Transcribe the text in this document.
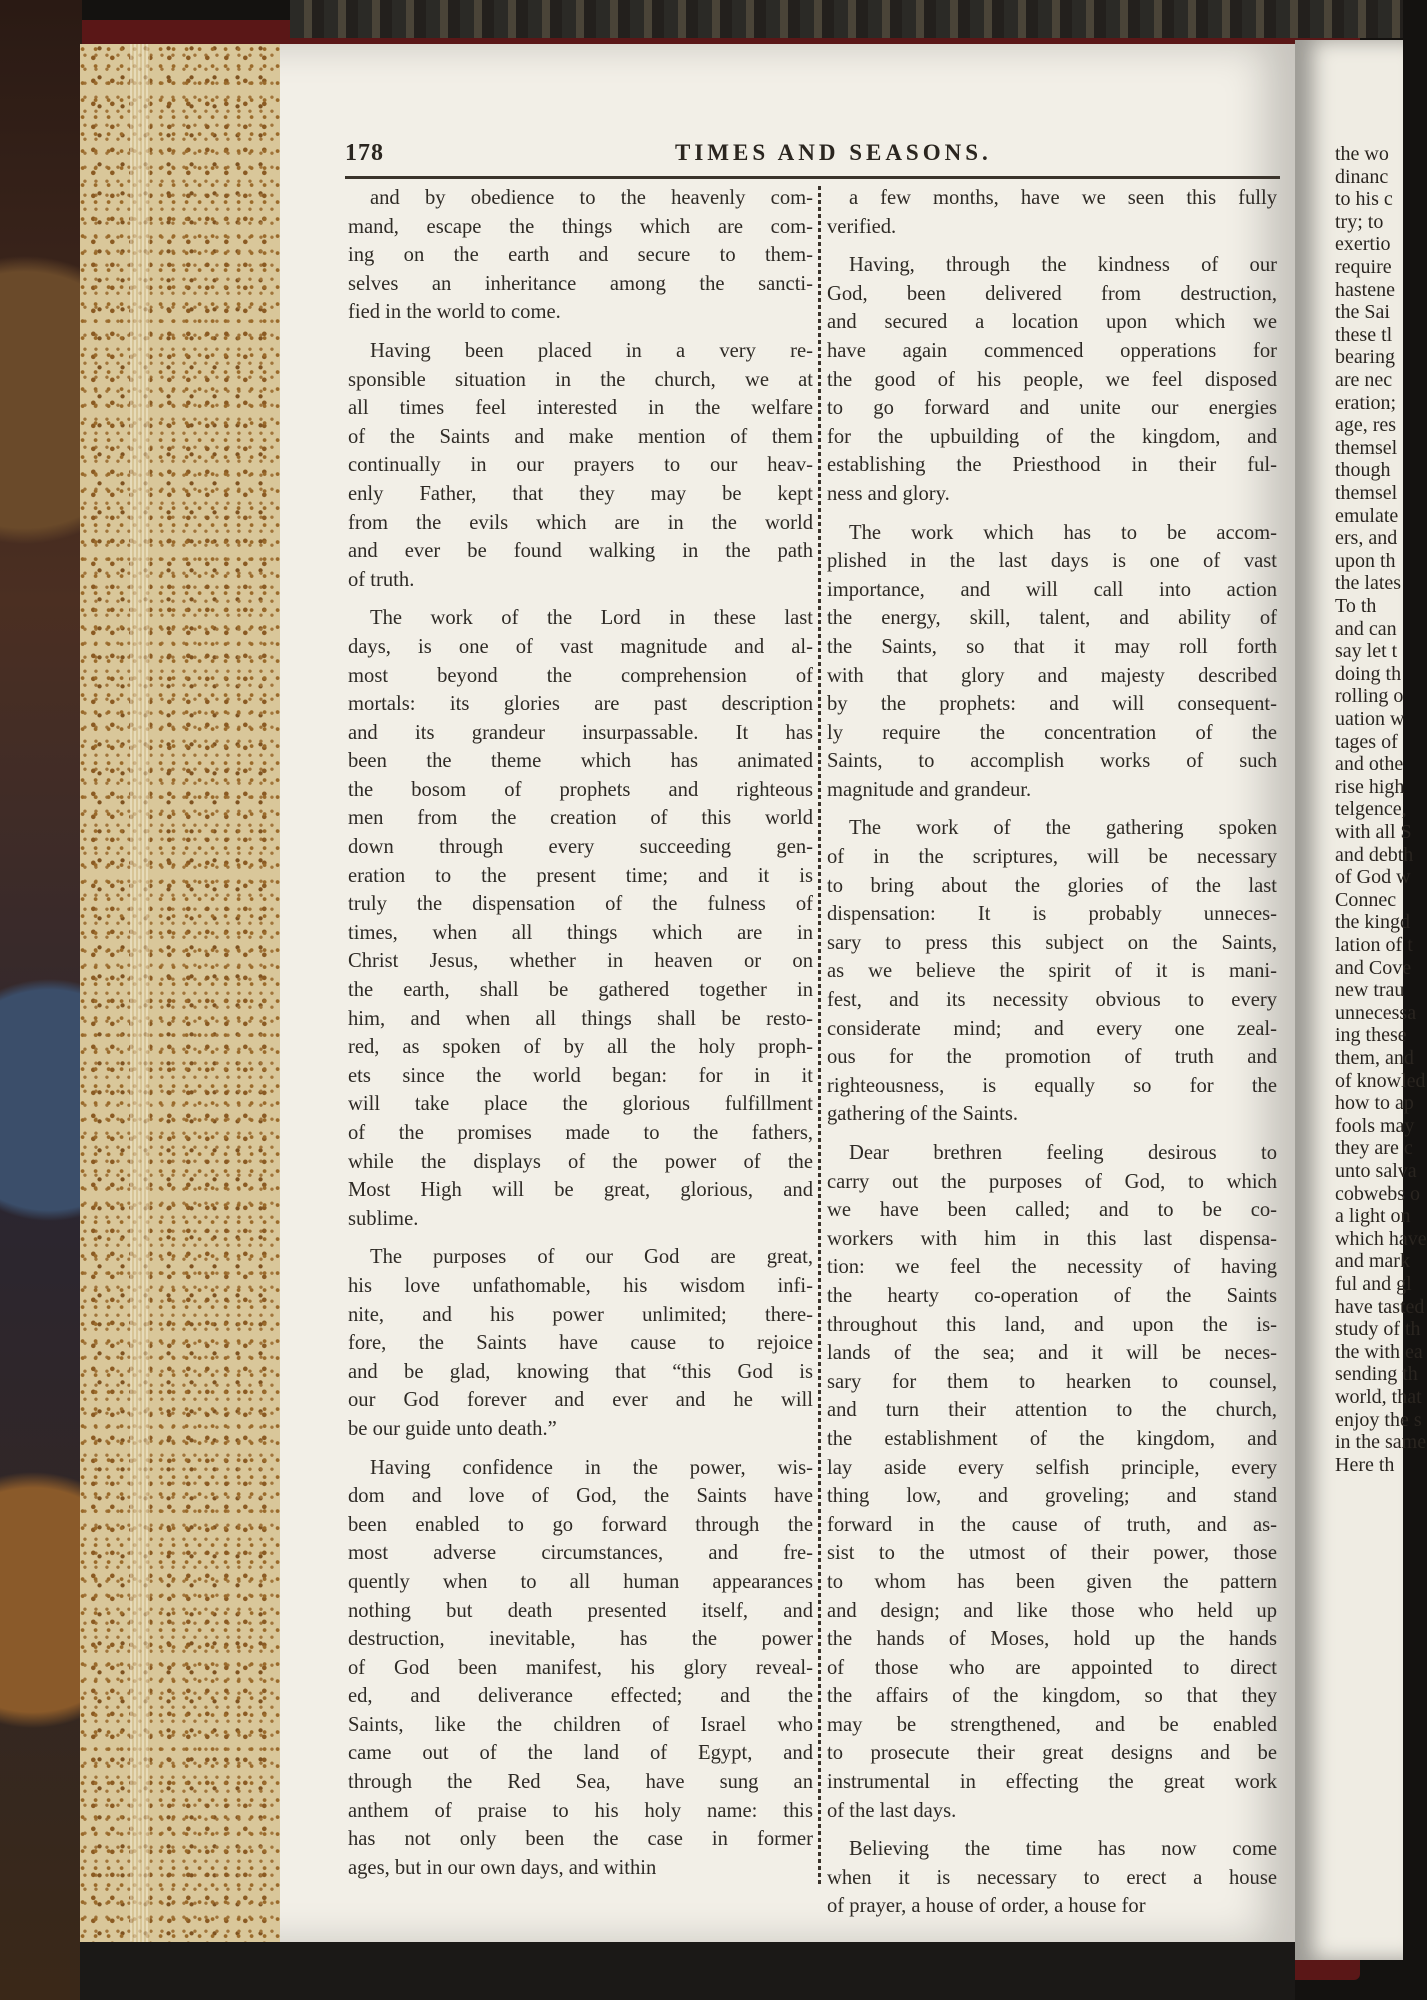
178	TIMES AND SEASONS.
and by obedience to the heavenly com-
mand, escape the things which are com-
ing on the earth and secure to them-
selves an inheritance among the sancti-
fied in the world to come.
Having been placed in a very re-
sponsible situation in the church, we at
all times feel interested in the welfare
of the Saints and make mention of them
continually in our prayers to our heav-
enly Father, that they may be kept
from the evils which are in the world
and ever be found walking in the path
of truth.
The work of the Lord in these last
days, is one of vast magnitude and al-
most beyond the comprehension of
mortals: its glories are past description
and its grandeur insurpassable. It has
been the theme which has animated
the bosom of prophets and righteous
men from the creation of this world
down through every succeeding gen-
eration to the present time; and it is
truly the dispensation of the fulness of
times, when all things which are in
Christ Jesus, whether in heaven or on
the earth, shall be gathered together in
him, and when all things shall be resto-
red, as spoken of by all the holy proph-
ets since the world began: for in it
will take place the glorious fulfillment
of the promises made to the fathers,
while the displays of the power of the
Most High will be great, glorious, and
sublime.
The purposes of our God are great,
his love unfathomable, his wisdom infi-
nite, and his power unlimited; there-
fore, the Saints have cause to rejoice
and be glad, knowing that “this God is
our God forever and ever and he will
be our guide unto death.”
Having confidence in the power, wis-
dom and love of God, the Saints have
been enabled to go forward through the
most adverse circumstances, and fre-
quently when to all human appearances
nothing but death presented itself, and
destruction, inevitable, has the power
of God been manifest, his glory reveal-
ed, and deliverance effected; and the
Saints, like the children of Israel who
came out of the land of Egypt, and
through the Red Sea, have sung an
anthem of praise to his holy name: this
has not only been the case in former
ages, but in our own days, and within
a few months, have we seen this fully
verified.
Having, through the kindness of our
God, been delivered from destruction,
and secured a location upon which we
have again commenced opperations for
the good of his people, we feel disposed
to go forward and unite our energies
for the upbuilding of the kingdom, and
establishing the Priesthood in their ful-
ness and glory.
The work which has to be accom-
plished in the last days is one of vast
importance, and will call into action
the energy, skill, talent, and ability of
the Saints, so that it may roll forth
with that glory and majesty described
by the prophets: and will consequent-
ly require the concentration of the
Saints, to accomplish works of such
magnitude and grandeur.
The work of the gathering spoken
of in the scriptures, will be necessary
to bring about the glories of the last
dispensation: It is probably unneces-
sary to press this subject on the Saints,
as we believe the spirit of it is mani-
fest, and its necessity obvious to every
considerate mind; and every one zeal-
ous for the promotion of truth and
righteousness, is equally so for the
gathering of the Saints.
Dear brethren feeling desirous to
carry out the purposes of God, to which
we have been called; and to be co-
workers with him in this last dispensa-
tion: we feel the necessity of having
the hearty co-operation of the Saints
throughout this land, and upon the is-
lands of the sea; and it will be neces-
sary for them to hearken to counsel,
and turn their attention to the church,
the establishment of the kingdom, and
lay aside every selfish principle, every
thing low, and groveling; and stand
forward in the cause of truth, and as-
sist to the utmost of their power, those
to whom has been given the pattern
and design; and like those who held up
the hands of Moses, hold up the hands
of those who are appointed to direct
the affairs of the kingdom, so that they
may be strengthened, and be enabled
to prosecute their great designs and be
instrumental in effecting the great work
of the last days.
Believing the time has now come
when it is necessary to erect a house
of prayer, a house of order, a house for
the wo
dinanc
to his c
try; to
exertio
require
hastene
the Sai
these tl
bearing
are nec
eration;
age, res
themsel
though
themsel
emulate
ers, and
upon th
the lates
To th
and can
say let t
doing th
rolling o
uation w
tages of
and othe
rise high
telgence,
with all S
and debth
of God w
Connec
the kingd
lation of t
and Cove
new trau
unnecessa
ing these
them, and
of knowled
how to ap
fools may
they are c
unto salva
cobwebs o
a light on
which have
and mark
ful and gl
have tasted
study of th
the with ea
sending th
world, that
enjoy the s
in the same
Here th
